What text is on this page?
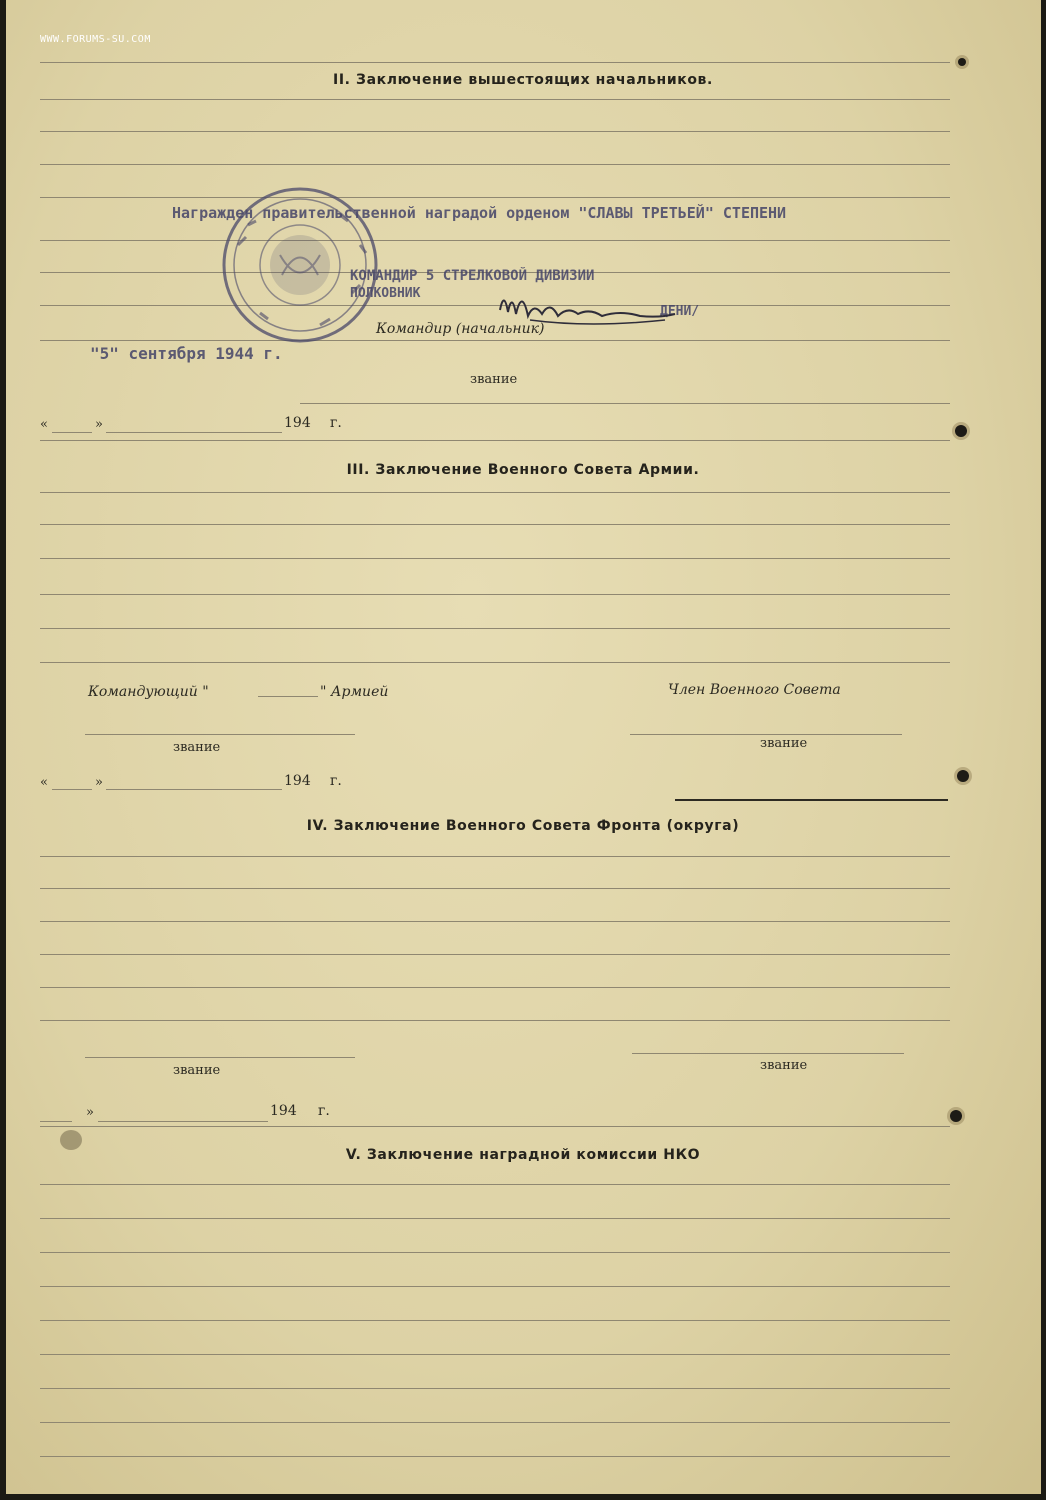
WWW.FORUMS-SU.COM
II. Заключение вышестоящих начальников.
Награжден правительственной наградой орденом "СЛАВЫ ТРЕТЬЕЙ" СТЕПЕНИ
КОМАНДИР 5 СТРЕЛКОВОЙ ДИВИЗИИ
ПОЛКОВНИК
ДЕНИ/
Командир (начальник)
"5" сентября 1944 г.
звание
«	»	194 г.
III. Заключение Военного Совета Армии.
Командующий "	" Армией	Член Военного Совета
звание	звание
«	»	194 г.
IV. Заключение Военного Совета Фронта (округа)
звание	звание
»	194 г.
V. Заключение наградной комиссии НКО
